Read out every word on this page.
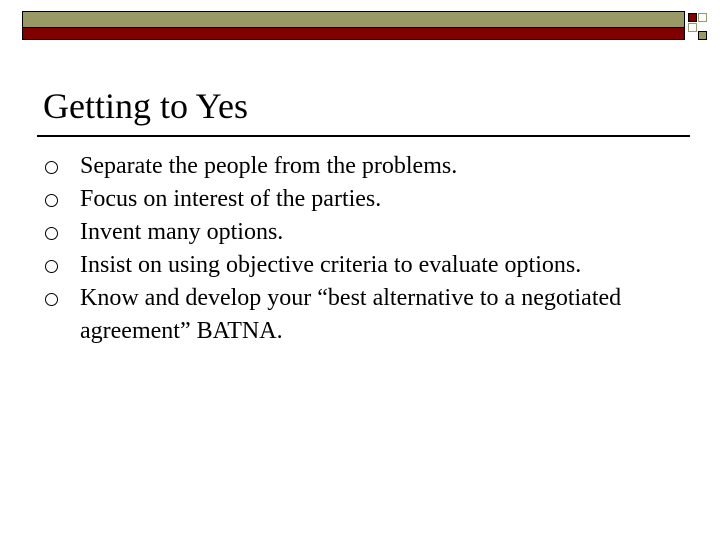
Getting to Yes
Separate the people from the problems.
Focus on interest of the parties.
Invent many options.
Insist on using objective criteria to evaluate options.
Know and develop your “best alternative to a negotiated agreement” BATNA.
